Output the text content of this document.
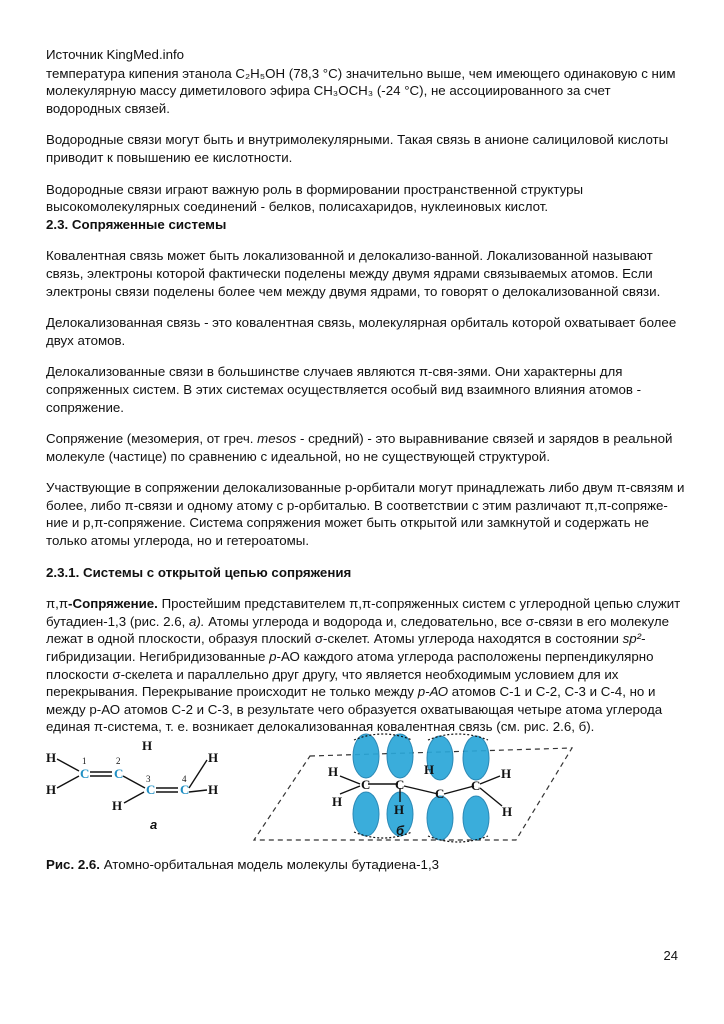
Источник KingMed.info

температура кипения этанола C₂H₅OH (78,3 °C) значительно выше, чем имеющего одинаковую с ним молекулярную массу диметилового эфира CH₃OCH₃ (-24 °C), не ассоциированного за счет водородных связей.

Водородные связи могут быть и внутримолекулярными. Такая связь в анионе салициловой кислоты приводит к повышению ее кислотности.

Водородные связи играют важную роль в формировании пространственной структуры высокомолекулярных соединений - белков, полисахаридов, нуклеиновых кислот.

2.3. Сопряженные системы

Ковалентная связь может быть локализованной и делокализо-ванной. Локализованной называют связь, электроны которой фактически поделены между двумя ядрами связываемых атомов. Если электроны связи поделены более чем между двумя ядрами, то говорят о делокализованной связи.

Делокализованная связь - это ковалентная связь, молекулярная орбиталь которой охватывает более двух атомов.

Делокализованные связи в большинстве случаев являются π-свя-зями. Они характерны для сопряженных систем. В этих системах осуществляется особый вид взаимного влияния атомов - сопряжение.

Сопряжение (мезомерия, от греч. mesos - средний) - это выравнивание связей и зарядов в реальной молекуле (частице) по сравнению с идеальной, но не существующей структурой.

Участвующие в сопряжении делокализованные р-орбитали могут принадлежать либо двум π-связям и более, либо π-связи и одному атому с р-орбиталью. В соответствии с этим различают π,π-сопряже-ние и р,π-сопряжение. Система сопряжения может быть открытой или замкнутой и содержать не только атомы углерода, но и гетероатомы.

2.3.1. Системы с открытой цепью сопряжения

π,π-Сопряжение. Простейшим представителем π,π-сопряженных систем с углеродной цепью служит бутадиен-1,3 (рис. 2.6, а). Атомы углерода и водорода и, следовательно, все σ-связи в его молекуле лежат в одной плоскости, образуя плоский σ-скелет. Атомы углерода находятся в состоянии sp²-гибридизации. Негибридизованные р-АО каждого атома углерода расположены перпендикулярно плоскости σ-скелета и параллельно друг другу, что является необходимым условием для их перекрывания. Перекрывание происходит не только между р-АО атомов С-1 и С-2, С-3 и С-4, но и между р-АО атомов С-2 и С-3, в результате чего образуется охватывающая четыре атома углерода единая π-система, т. е. возникает делокализованная ковалентная связь (см. рис. 2.6, б).

H
H
H
H
H
H
C C
C C
1	2
3	4
а
H
H
C C
C
C
H
H
H
H
б
Рис. 2.6. Атомно-орбитальная модель молекулы бутадиена-1,3
24
